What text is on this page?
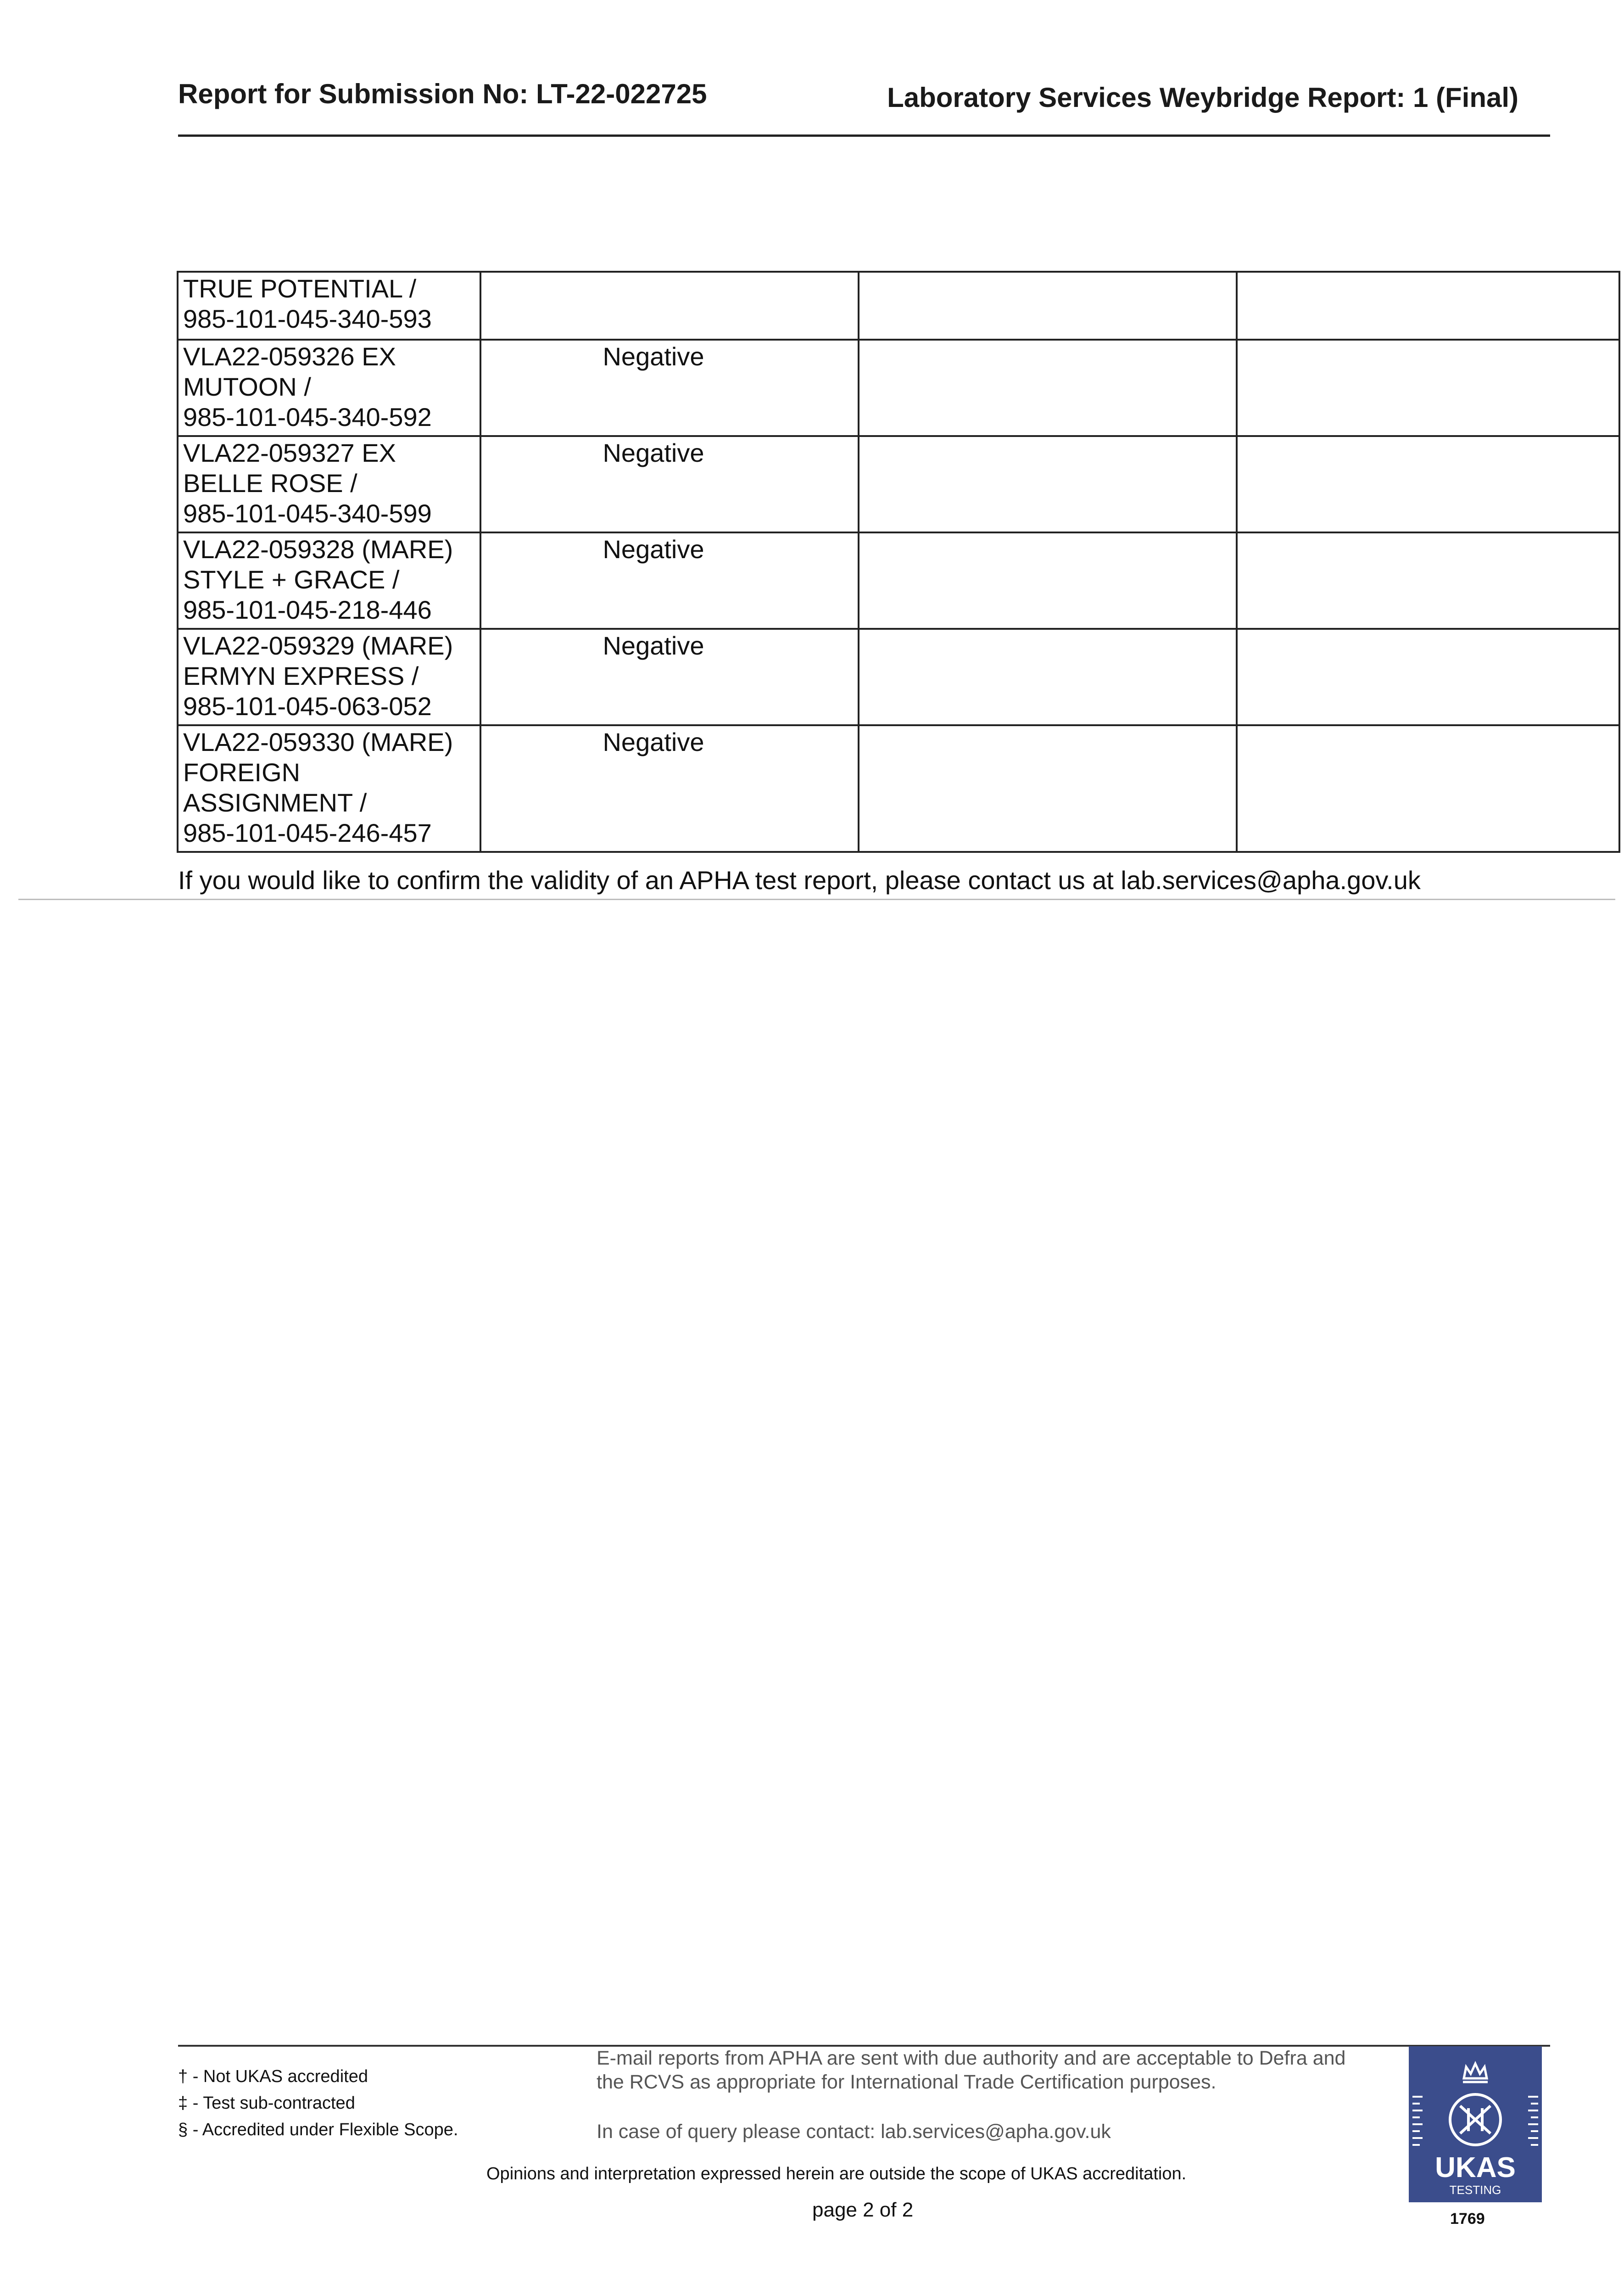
Report for Submission No: LT-22-022725	Laboratory Services Weybridge Report: 1 (Final)
TRUE POTENTIAL /
985-101-045-340-593			

VLA22-059326 EX
MUTOON /
985-101-045-340-592	Negative		

VLA22-059327 EX
BELLE ROSE /
985-101-045-340-599	Negative		

VLA22-059328 (MARE)
STYLE + GRACE /
985-101-045-218-446	Negative		

VLA22-059329 (MARE)
ERMYN EXPRESS /
985-101-045-063-052	Negative		

VLA22-059330 (MARE)
FOREIGN
ASSIGNMENT /
985-101-045-246-457	Negative		
If you would like to confirm the validity of an APHA test report, please contact us at lab.services@apha.gov.uk
† - Not UKAS accredited
‡ - Test sub-contracted
§ - Accredited under Flexible Scope.
E-mail reports from APHA are sent with due authority and are acceptable to Defra and the RCVS as appropriate for International Trade Certification purposes.
In case of query please contact: lab.services@apha.gov.uk
Opinions and interpretation expressed herein are outside the scope of UKAS accreditation.
page 2 of 2
UKAS
TESTING
1769
